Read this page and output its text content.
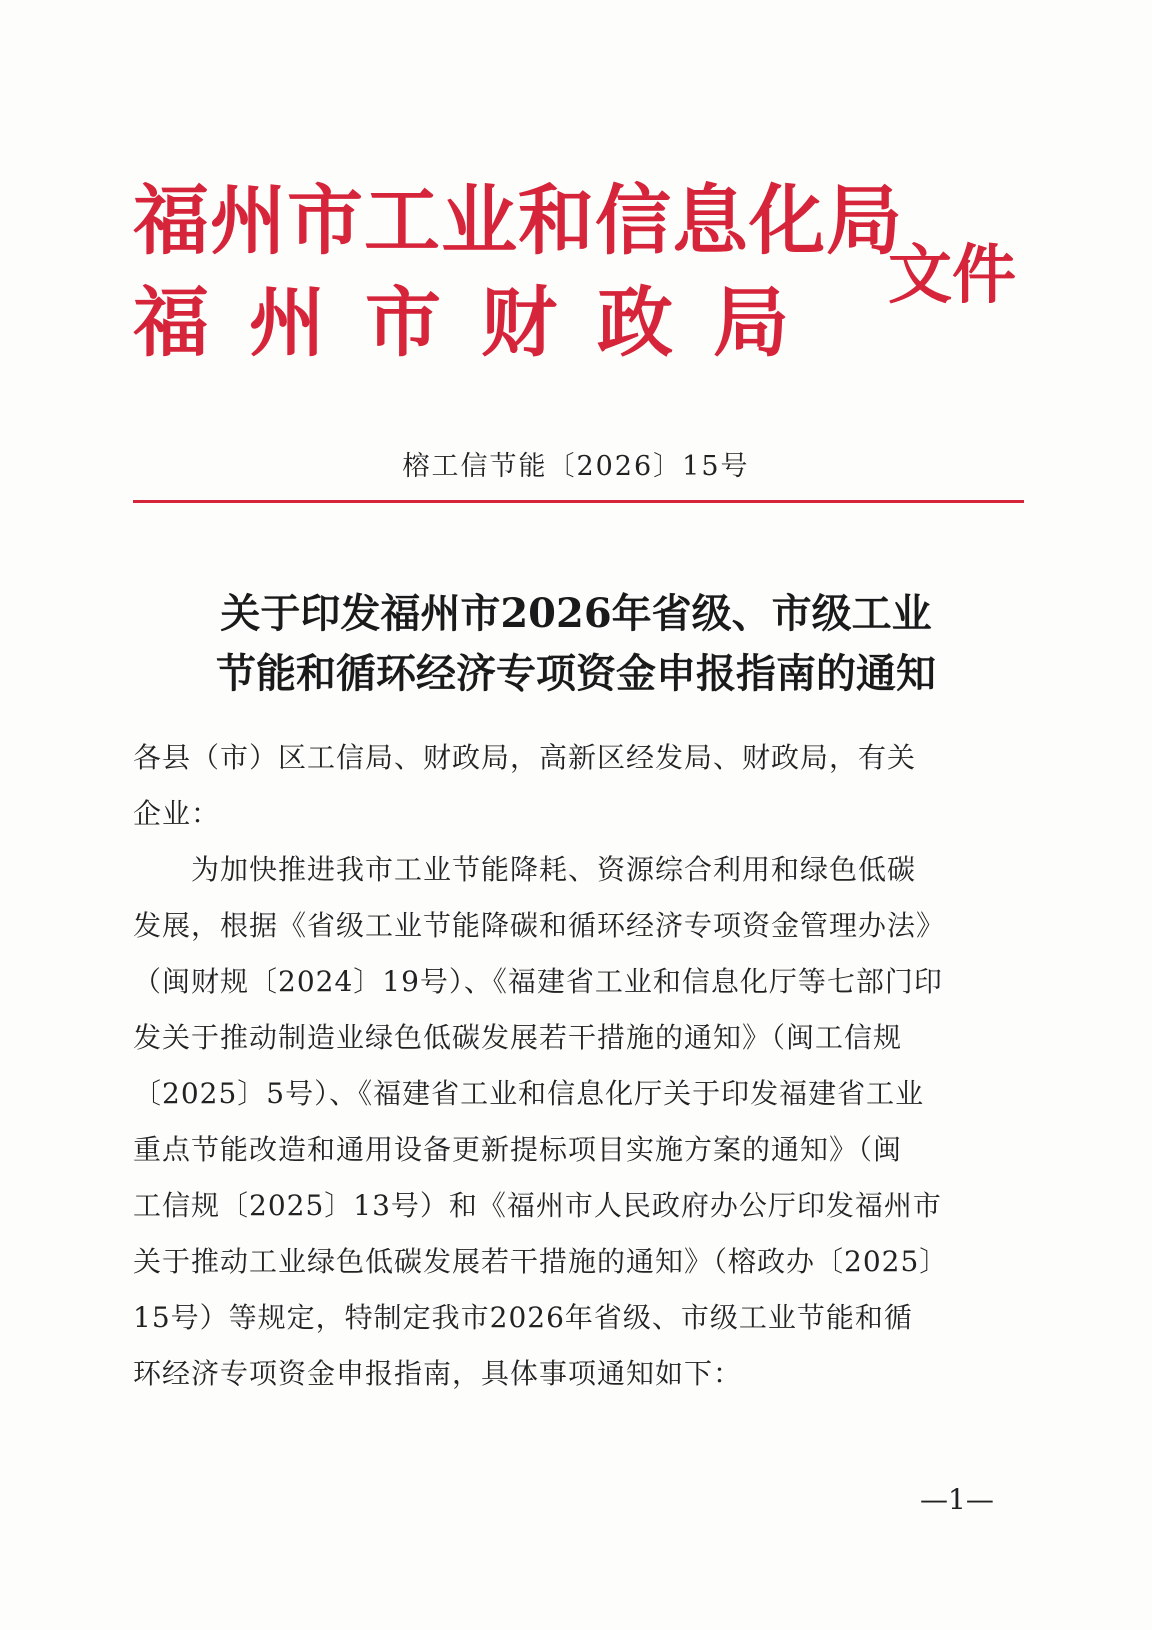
福州市工业和信息化局
福州市财政局
文件
榕工信节能〔2026〕15号
关于印发福州市2026年省级、市级工业
节能和循环经济专项资金申报指南的通知
各县（市）区工信局、财政局，高新区经发局、财政局，有关
企业：
　　为加快推进我市工业节能降耗、资源综合利用和绿色低碳
发展，根据《省级工业节能降碳和循环经济专项资金管理办法》
（闽财规〔2024〕19号）、《福建省工业和信息化厅等七部门印
发关于推动制造业绿色低碳发展若干措施的通知》（闽工信规
〔2025〕5号）、《福建省工业和信息化厅关于印发福建省工业
重点节能改造和通用设备更新提标项目实施方案的通知》（闽
工信规〔2025〕13号）和《福州市人民政府办公厅印发福州市
关于推动工业绿色低碳发展若干措施的通知》（榕政办〔2025〕
15号）等规定，特制定我市2026年省级、市级工业节能和循
环经济专项资金申报指南，具体事项通知如下：
—1—
